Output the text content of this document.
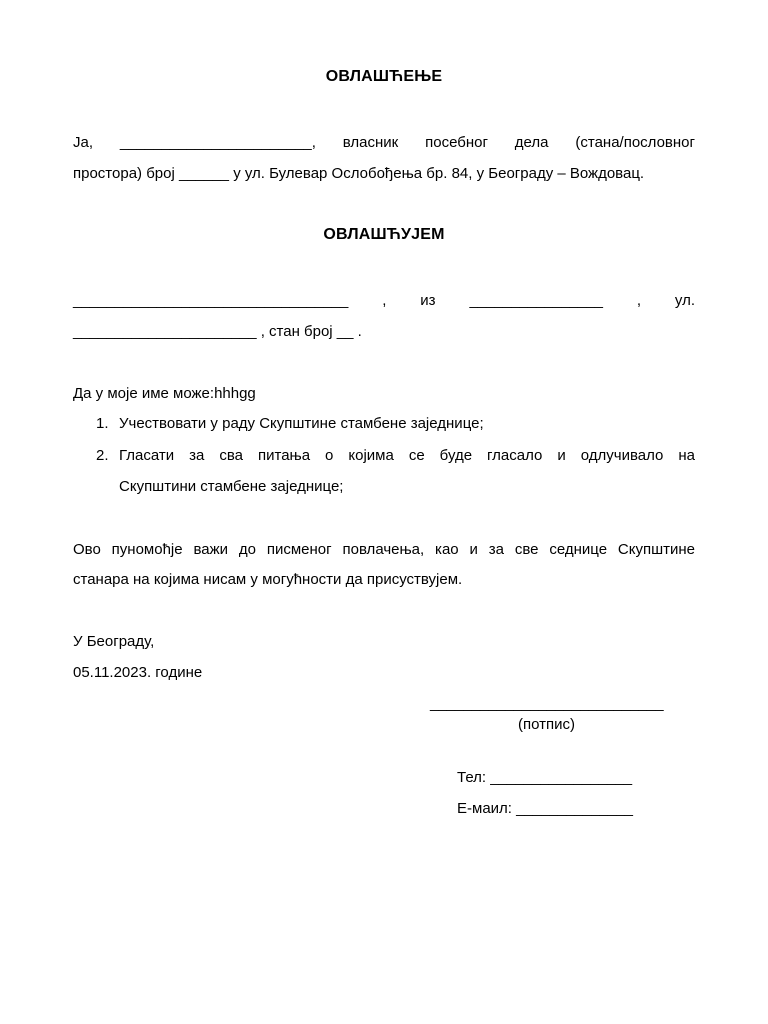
ОВЛАШЋЕЊЕ
Ја, _______________________, власник посебног дела (стана/пословног
простора) број ______ у ул. Булевар Ослобођења бр. 84, у Београду – Вождовац.
ОВЛАШЋУЈЕМ
_________________________________ , из ________________ , ул.
______________________ , стан број __ .
Да у моје име може:hhhgg
1. Учествовати у раду Скупштине стамбене заједнице;
2. Гласати за сва питања о којима се буде гласало и одлучивало на
Скупштини стамбене заједнице;
Ово пуномоћје важи до писменог повлачења, као и за све седнице Скупштине
станара на којима нисам у могућности да присуствујем.
У Београду,
05.11.2023. године
____________________________
(потпис)
Тел: _________________
Е-маил: ______________
